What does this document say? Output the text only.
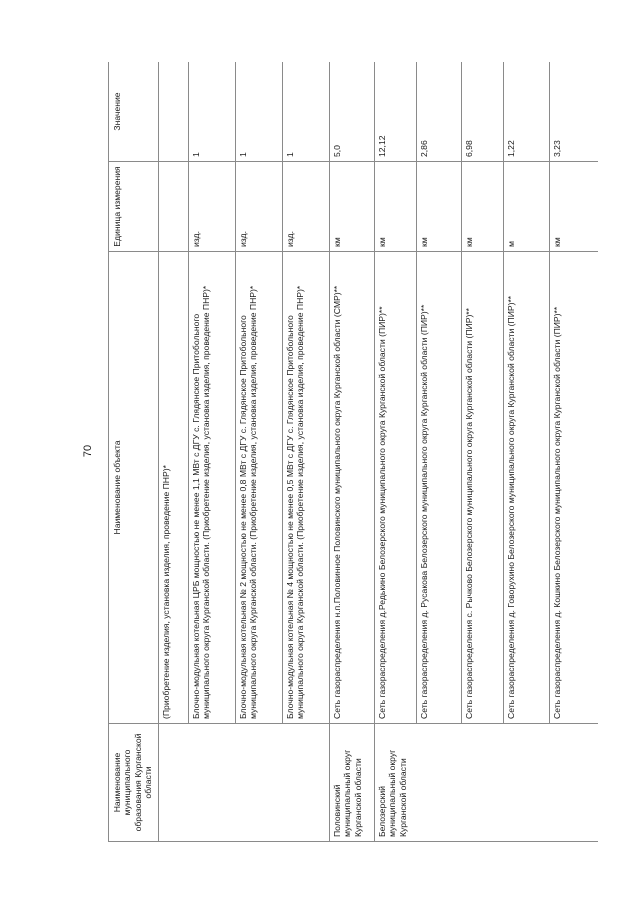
70
Наименование муниципального образования Курганской области	Наименование объекта	Единица измерения	Значение
	(Приобретение изделия, установка изделия, проведение ПНР)*		
	Блочно-модульная котельная ЦРБ мощностью не менее 1,1 МВт с ДГУ с. Глядянское Притобольного муниципального округа Курганской области. (Приобретение изделия, установка изделия, проведение ПНР)*	изд.	1
	Блочно-модульная котельная № 2 мощностью не менее 0,8 МВт с ДГУ с. Глядянское Притобольного муниципального округа Курганской области. (Приобретение изделия, установка изделия, проведение ПНР)*	изд.	1
	Блочно-модульная котельная № 4 мощностью не менее 0,5 МВт с ДГУ с. Глядянское Притобольного муниципального округа Курганской области. (Приобретение изделия, установка изделия, проведение ПНР)*	изд.	1
Половинский муниципальный округ Курганской области	Сеть газораспределения н.п.Половинное Половинского муниципального округа Курганской области (СМР)**	км	5,0
Белозерский муниципальный округ Курганской области	Сеть газораспределения д.Редькино Белозерского муниципального округа Курганской области (ПИР)**	км	12,12
	Сеть газораспределения д. Русакова Белозерского муниципального округа Курганской области (ПИР)**	км	2,86
	Сеть газораспределения с. Рычково Белозерского муниципального округа Курганской области (ПИР)**	км	6,98
	Сеть газораспределения д. Говорухино Белозерского муниципального округа Курганской области (ПИР)**	м	1,22
	Сеть газораспределения д. Кошкино Белозерского муниципального округа Курганской области (ПИР)**	км	3,23
